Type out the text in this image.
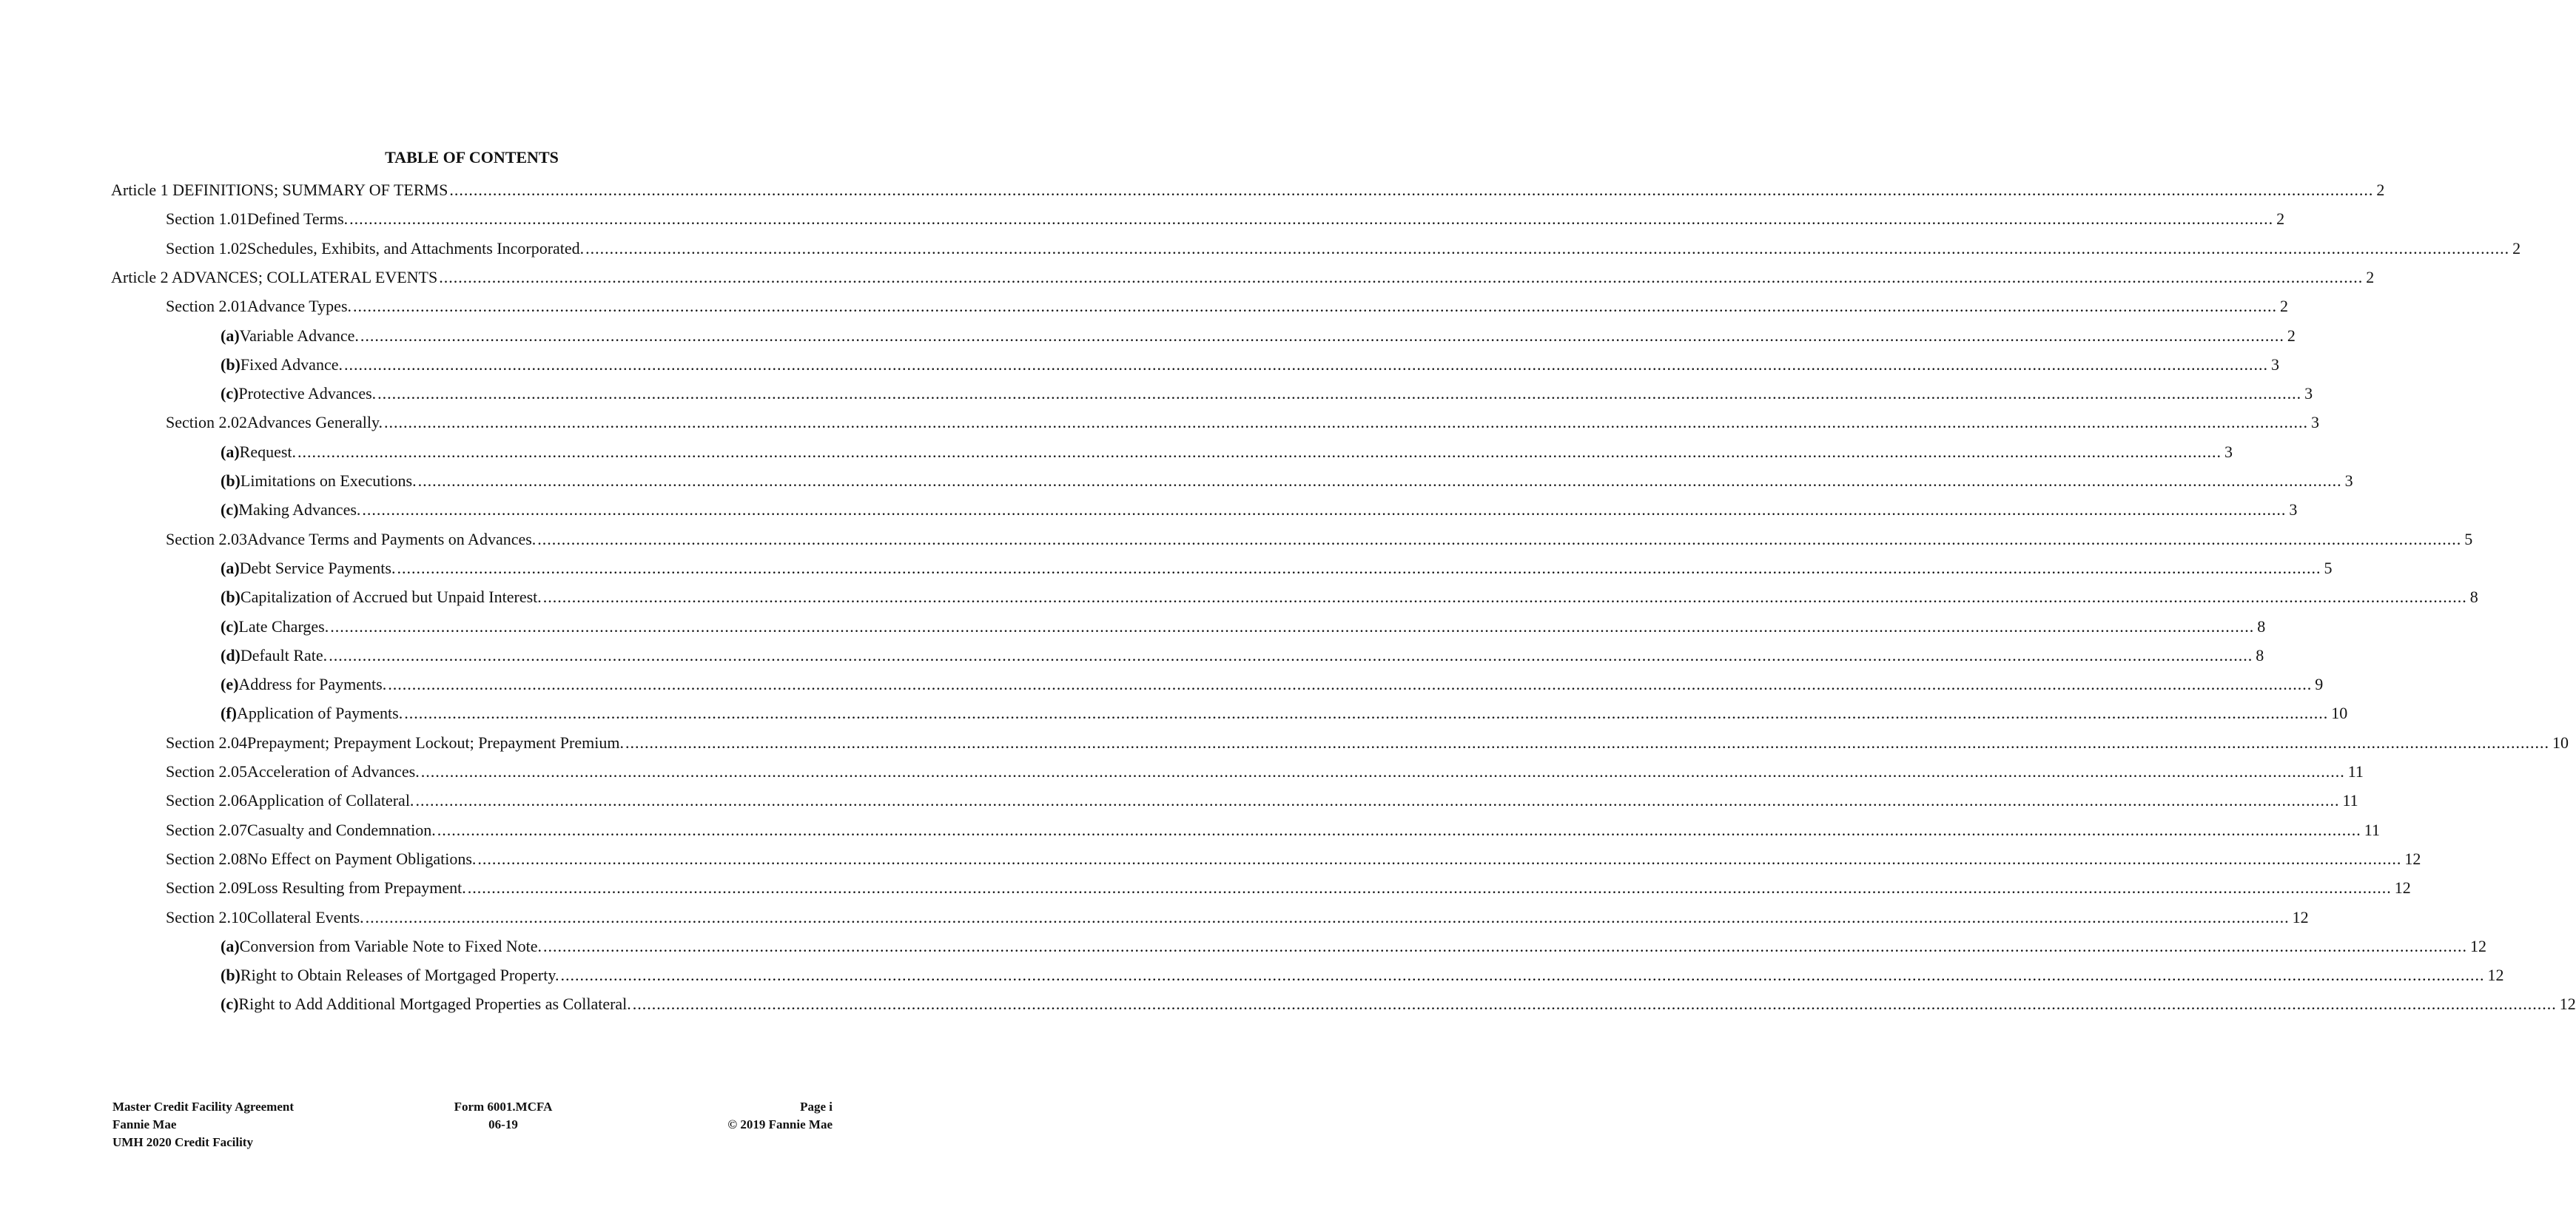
TABLE OF CONTENTS
Article 1 DEFINITIONS; SUMMARY OF TERMS ................................................................................................................................................................................................................................................................................................................................................................................................................ 2
Section 1.01 Defined Terms. ................................................................................................................................................................................................................................................................................................................................................................................................................ 2
Section 1.02 Schedules, Exhibits, and Attachments Incorporated. ................................................................................................................................................................................................................................................................................................................................................................................................................ 2
Article 2 ADVANCES; COLLATERAL EVENTS ................................................................................................................................................................................................................................................................................................................................................................................................................ 2
Section 2.01 Advance Types. ................................................................................................................................................................................................................................................................................................................................................................................................................ 2
(a) Variable Advance. ................................................................................................................................................................................................................................................................................................................................................................................................................ 2
(b) Fixed Advance. ................................................................................................................................................................................................................................................................................................................................................................................................................ 3
(c) Protective Advances. ................................................................................................................................................................................................................................................................................................................................................................................................................ 3
Section 2.02 Advances Generally. ................................................................................................................................................................................................................................................................................................................................................................................................................ 3
(a) Request. ................................................................................................................................................................................................................................................................................................................................................................................................................ 3
(b) Limitations on Executions. ................................................................................................................................................................................................................................................................................................................................................................................................................ 3
(c) Making Advances. ................................................................................................................................................................................................................................................................................................................................................................................................................ 3
Section 2.03 Advance Terms and Payments on Advances. ................................................................................................................................................................................................................................................................................................................................................................................................................ 5
(a) Debt Service Payments. ................................................................................................................................................................................................................................................................................................................................................................................................................ 5
(b) Capitalization of Accrued but Unpaid Interest. ................................................................................................................................................................................................................................................................................................................................................................................................................ 8
(c) Late Charges. ................................................................................................................................................................................................................................................................................................................................................................................................................ 8
(d) Default Rate. ................................................................................................................................................................................................................................................................................................................................................................................................................ 8
(e) Address for Payments. ................................................................................................................................................................................................................................................................................................................................................................................................................ 9
(f) Application of Payments. ................................................................................................................................................................................................................................................................................................................................................................................................................ 10
Section 2.04 Prepayment; Prepayment Lockout; Prepayment Premium. ................................................................................................................................................................................................................................................................................................................................................................................................................ 10
Section 2.05 Acceleration of Advances. ................................................................................................................................................................................................................................................................................................................................................................................................................ 11
Section 2.06 Application of Collateral. ................................................................................................................................................................................................................................................................................................................................................................................................................ 11
Section 2.07 Casualty and Condemnation. ................................................................................................................................................................................................................................................................................................................................................................................................................ 11
Section 2.08 No Effect on Payment Obligations. ................................................................................................................................................................................................................................................................................................................................................................................................................ 12
Section 2.09 Loss Resulting from Prepayment. ................................................................................................................................................................................................................................................................................................................................................................................................................ 12
Section 2.10 Collateral Events. ................................................................................................................................................................................................................................................................................................................................................................................................................ 12
(a) Conversion from Variable Note to Fixed Note. ................................................................................................................................................................................................................................................................................................................................................................................................................ 12
(b) Right to Obtain Releases of Mortgaged Property. ................................................................................................................................................................................................................................................................................................................................................................................................................ 12
(c) Right to Add Additional Mortgaged Properties as Collateral. ................................................................................................................................................................................................................................................................................................................................................................................................................ 12
Master Credit Facility Agreement
Fannie Mae
UMH 2020 Credit Facility
Form 6001.MCFA
06-19
Page i
© 2019 Fannie Mae
